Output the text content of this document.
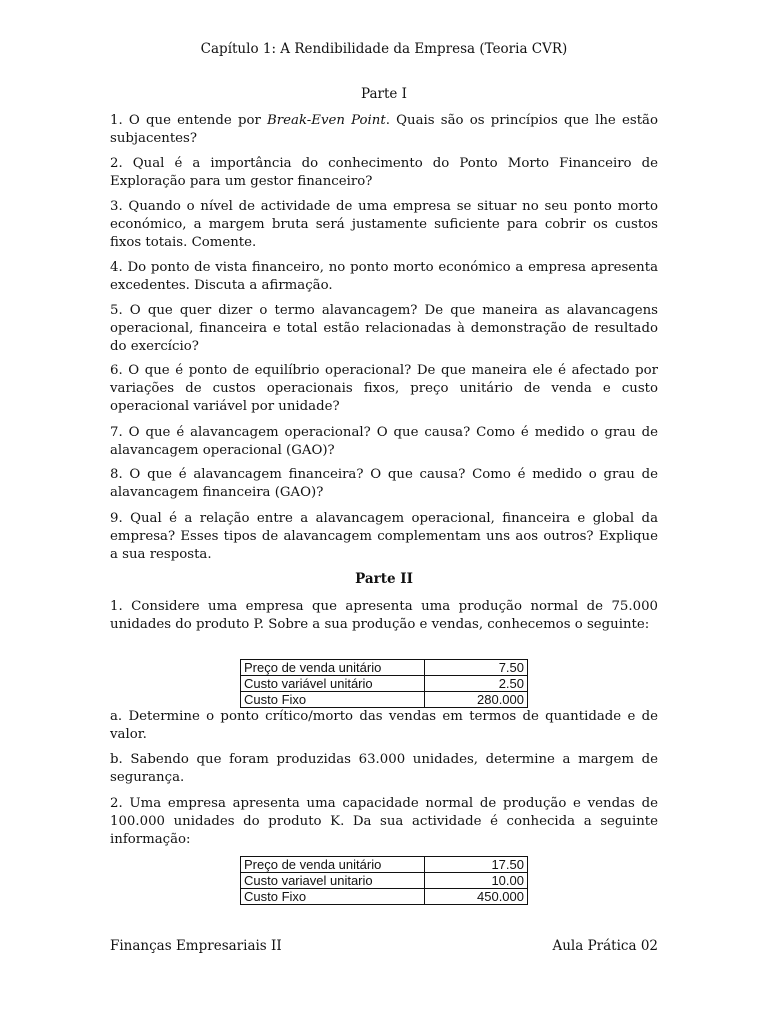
Capítulo 1: A Rendibilidade da Empresa (Teoria CVR)
Parte I
1. O que entende por Break-Even Point. Quais são os princípios que lhe estão subjacentes?
2. Qual é a importância do conhecimento do Ponto Morto Financeiro de Exploração para um gestor financeiro?
3. Quando o nível de actividade de uma empresa se situar no seu ponto morto económico, a margem bruta será justamente suficiente para cobrir os custos fixos totais. Comente.
4. Do ponto de vista financeiro, no ponto morto económico a empresa apresenta excedentes. Discuta a afirmação.
5. O que quer dizer o termo alavancagem? De que maneira as alavancagens operacional, financeira e total estão relacionadas à demonstração de resultado do exercício?
6. O que é ponto de equilíbrio operacional? De que maneira ele é afectado por variações de custos operacionais fixos, preço unitário de venda e custo operacional variável por unidade?
7. O que é alavancagem operacional? O que causa? Como é medido o grau de alavancagem operacional (GAO)?
8. O que é alavancagem financeira? O que causa? Como é medido o grau de alavancagem financeira (GAO)?
9. Qual é a relação entre a alavancagem operacional, financeira e global da empresa? Esses tipos de alavancagem complementam uns aos outros? Explique a sua resposta.
Parte II
1. Considere uma empresa que apresenta uma produção normal de 75.000 unidades do produto P. Sobre a sua produção e vendas, conhecemos o seguinte:
Preço de venda unitário	7.50
Custo variável unitário	2.50
Custo Fixo	280.000
a. Determine o ponto crítico/morto das vendas em termos de quantidade e de valor.
b. Sabendo que foram produzidas 63.000 unidades, determine a margem de segurança.
2. Uma empresa apresenta uma capacidade normal de produção e vendas de 100.000 unidades do produto K. Da sua actividade é conhecida a seguinte informação:
Preço de venda unitário	17.50
Custo variavel unitario	10.00
Custo Fixo	450.000
Finanças Empresariais II	Aula Prática 02
